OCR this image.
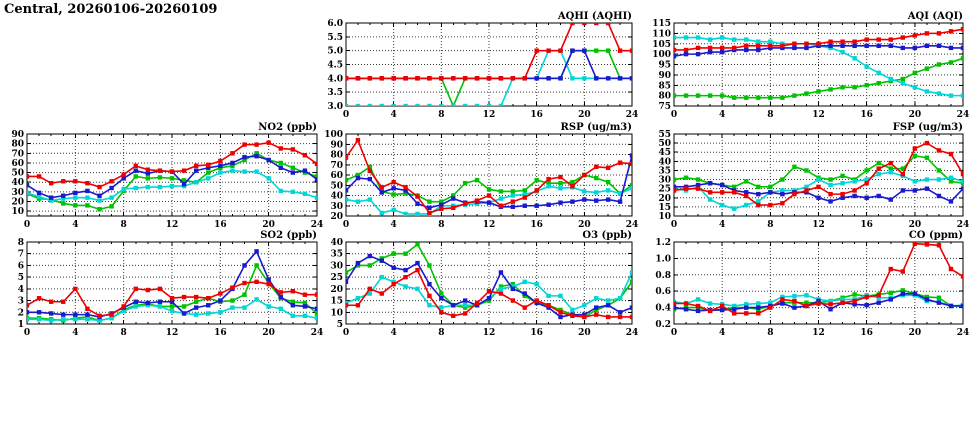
Central, 20260106-20260109
3.0
3.5
4.0
4.5
5.0
5.5
6.0
0	4	8	12	16	20	24
AQHI (AQHI)
75
80
85
90
95
100
105
110
115
0	4	8	12	16	20	24
AQI (AQI)
10
20
30
40
50
60
70
80
90
0	4	8	12	16	20	24
NO2 (ppb)
20
30
40
50
60
70
80
90
100
0	4	8	12	16	20	24
RSP (ug/m3)
10
15
20
25
30
35
40
45
50
55
0	4	8	12	16	20	24
FSP (ug/m3)
1
2
3
4
5
6
7
8
0	4	8	12	16	20	24
SO2 (ppb)
5
10
15
20
25
30
35
40
0	4	8	12	16	20	24
O3 (ppb)
0.2
0.4
0.6
0.8
1.0
1.2
0	4	8	12	16	20	24
CO (ppm)
